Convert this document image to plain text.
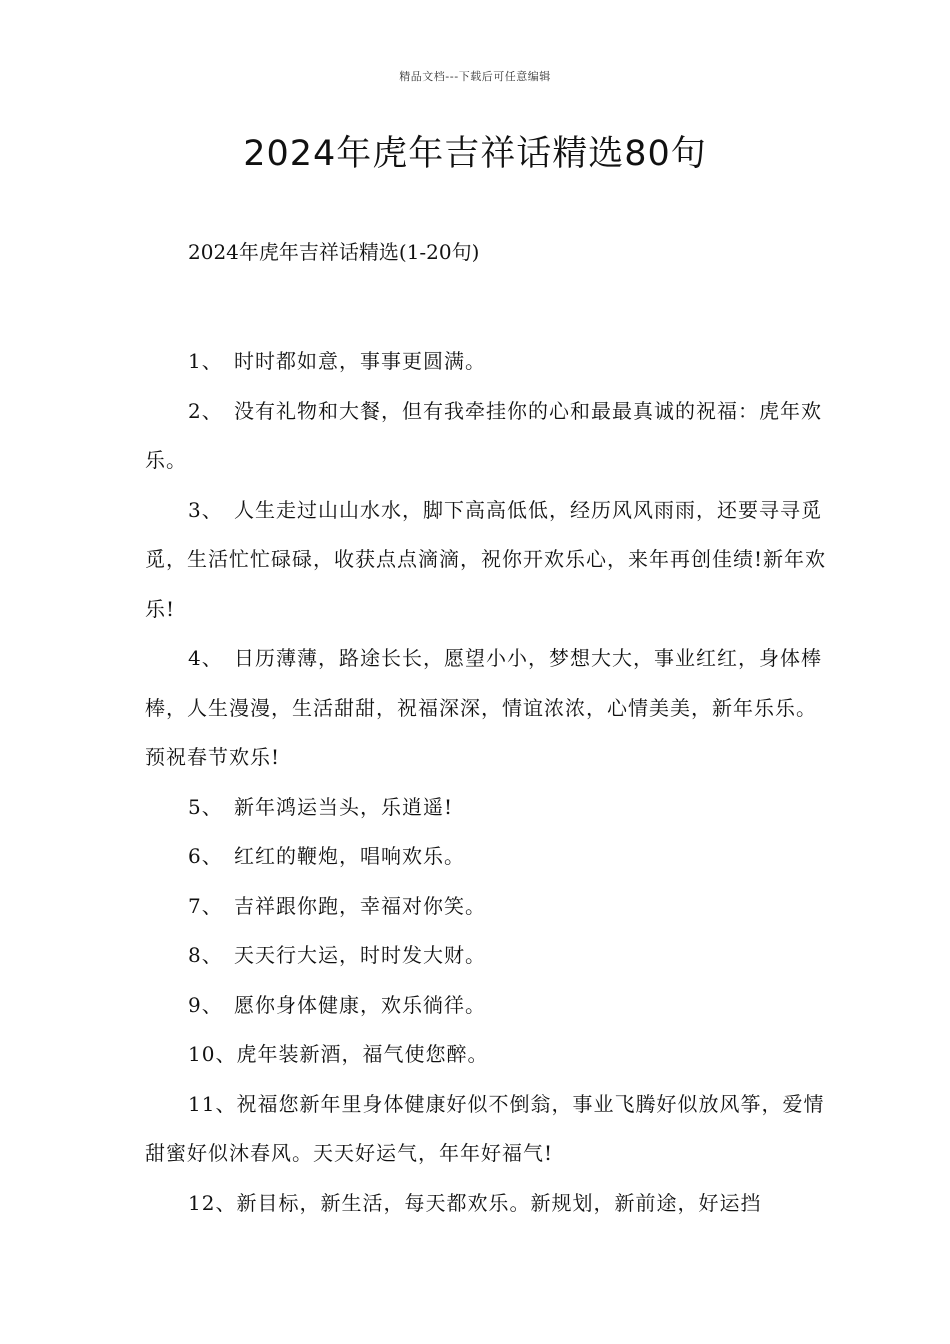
精品文档---下载后可任意编辑
2024年虎年吉祥话精选80句

2024年虎年吉祥话精选(1-20句)

1、 时时都如意，事事更圆满。
2、 没有礼物和大餐，但有我牵挂你的心和最最真诚的祝福：虎年欢乐。
3、 人生走过山山水水，脚下高高低低，经历风风雨雨，还要寻寻觅觅，生活忙忙碌碌，收获点点滴滴，祝你开欢乐心，来年再创佳绩!新年欢乐!
4、 日历薄薄，路途长长，愿望小小，梦想大大，事业红红，身体棒棒，人生漫漫，生活甜甜，祝福深深，情谊浓浓，心情美美，新年乐乐。预祝春节欢乐!
5、 新年鸿运当头，乐逍遥!
6、 红红的鞭炮，唱响欢乐。
7、 吉祥跟你跑，幸福对你笑。
8、 天天行大运，时时发大财。
9、 愿你身体健康，欢乐徜徉。
10、虎年装新酒，福气使您醉。
11、祝福您新年里身体健康好似不倒翁，事业飞腾好似放风筝，爱情甜蜜好似沐春风。天天好运气，年年好福气!
12、新目标，新生活，每天都欢乐。新规划，新前途，好运挡
